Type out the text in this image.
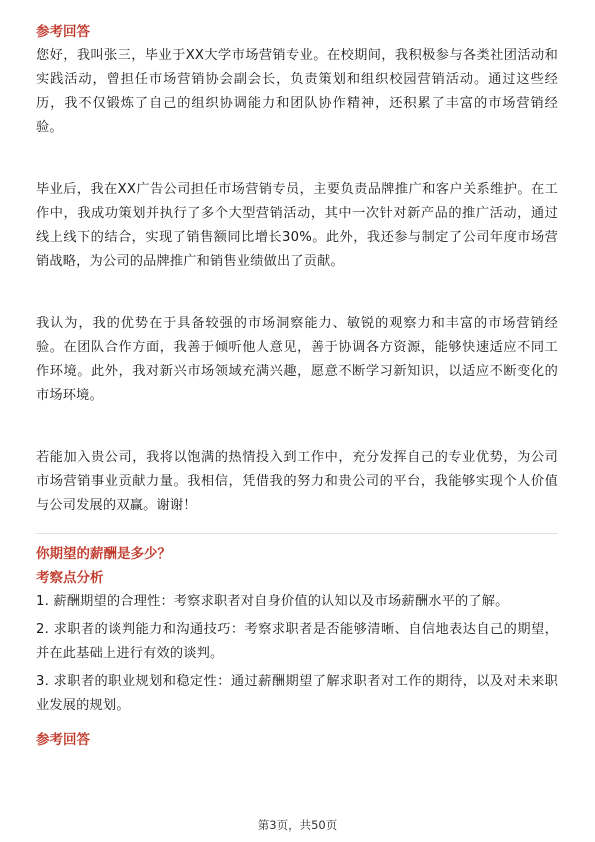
参考回答

您好，我叫张三，毕业于XX大学市场营销专业。在校期间，我积极参与各类社团活动和实践活动，曾担任市场营销协会副会长，负责策划和组织校园营销活动。通过这些经历，我不仅锻炼了自己的组织协调能力和团队协作精神，还积累了丰富的市场营销经验。

毕业后，我在XX广告公司担任市场营销专员，主要负责品牌推广和客户关系维护。在工作中，我成功策划并执行了多个大型营销活动，其中一次针对新产品的推广活动，通过线上线下的结合，实现了销售额同比增长30%。此外，我还参与制定了公司年度市场营销战略，为公司的品牌推广和销售业绩做出了贡献。

我认为，我的优势在于具备较强的市场洞察能力、敏锐的观察力和丰富的市场营销经验。在团队合作方面，我善于倾听他人意见，善于协调各方资源，能够快速适应不同工作环境。此外，我对新兴市场领域充满兴趣，愿意不断学习新知识，以适应不断变化的市场环境。

若能加入贵公司，我将以饱满的热情投入到工作中，充分发挥自己的专业优势，为公司市场营销事业贡献力量。我相信，凭借我的努力和贵公司的平台，我能够实现个人价值与公司发展的双赢。谢谢！

你期望的薪酬是多少？

考察点分析

1. 薪酬期望的合理性：考察求职者对自身价值的认知以及市场薪酬水平的了解。

2. 求职者的谈判能力和沟通技巧：考察求职者是否能够清晰、自信地表达自己的期望，并在此基础上进行有效的谈判。

3. 求职者的职业规划和稳定性：通过薪酬期望了解求职者对工作的期待，以及对未来职业发展的规划。

参考回答

第3页，共50页
